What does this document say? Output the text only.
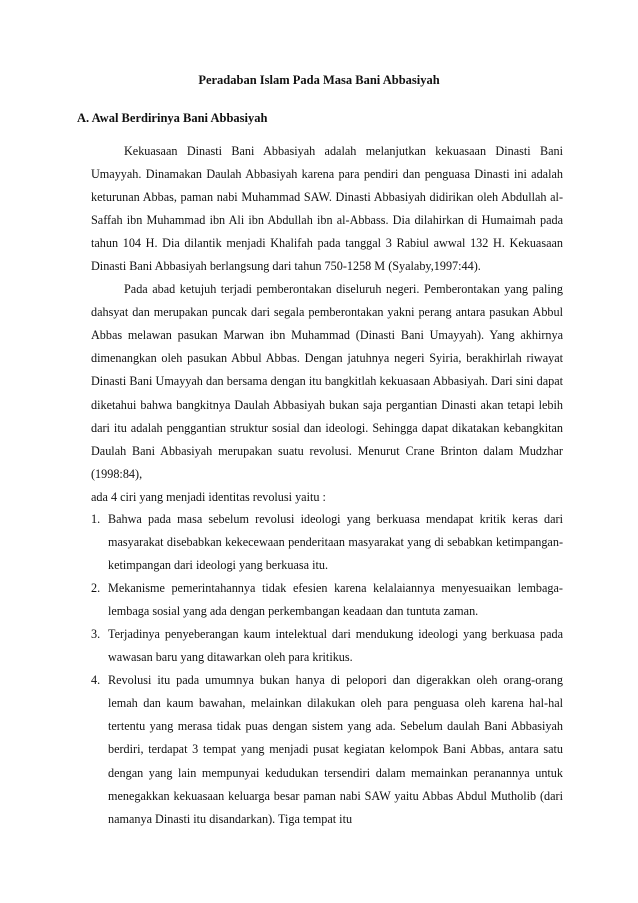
Peradaban Islam Pada Masa Bani Abbasiyah
A. Awal Berdirinya Bani Abbasiyah

Kekuasaan Dinasti Bani Abbasiyah adalah melanjutkan kekuasaan Dinasti Bani Umayyah. Dinamakan Daulah Abbasiyah karena para pendiri dan penguasa Dinasti ini adalah keturunan Abbas, paman nabi Muhammad SAW. Dinasti Abbasiyah didirikan oleh Abdullah al-Saffah ibn Muhammad ibn Ali ibn Abdullah ibn al-Abbass. Dia dilahirkan di Humaimah pada tahun 104 H. Dia dilantik menjadi Khalifah pada tanggal 3 Rabiul awwal 132 H. Kekuasaan Dinasti Bani Abbasiyah berlangsung dari tahun 750-1258 M (Syalaby,1997:44).

Pada abad ketujuh terjadi pemberontakan diseluruh negeri. Pemberontakan yang paling dahsyat dan merupakan puncak dari segala pemberontakan yakni perang antara pasukan Abbul Abbas melawan pasukan Marwan ibn Muhammad (Dinasti Bani Umayyah). Yang akhirnya dimenangkan oleh pasukan Abbul Abbas. Dengan jatuhnya negeri Syiria, berakhirlah riwayat Dinasti Bani Umayyah dan bersama dengan itu bangkitlah kekuasaan Abbasiyah. Dari sini dapat diketahui bahwa bangkitnya Daulah Abbasiyah bukan saja pergantian Dinasti akan tetapi lebih dari itu adalah penggantian struktur sosial dan ideologi. Sehingga dapat dikatakan kebangkitan Daulah Bani Abbasiyah merupakan suatu revolusi. Menurut Crane Brinton dalam Mudzhar (1998:84),

ada 4 ciri yang menjadi identitas revolusi yaitu :

1. Bahwa pada masa sebelum revolusi ideologi yang berkuasa mendapat kritik keras dari masyarakat disebabkan kekecewaan penderitaan masyarakat yang di sebabkan ketimpangan-ketimpangan dari ideologi yang berkuasa itu.
2. Mekanisme pemerintahannya tidak efesien karena kelalaiannya menyesuaikan lembaga-lembaga sosial yang ada dengan perkembangan keadaan dan tuntuta zaman.
3. Terjadinya penyeberangan kaum intelektual dari mendukung ideologi yang berkuasa pada wawasan baru yang ditawarkan oleh para kritikus.
4. Revolusi itu pada umumnya bukan hanya di pelopori dan digerakkan oleh orang-orang lemah dan kaum bawahan, melainkan dilakukan oleh para penguasa oleh karena hal-hal tertentu yang merasa tidak puas dengan sistem yang ada. Sebelum daulah Bani Abbasiyah berdiri, terdapat 3 tempat yang menjadi pusat kegiatan kelompok Bani Abbas, antara satu dengan yang lain mempunyai kedudukan tersendiri dalam memainkan peranannya untuk menegakkan kekuasaan keluarga besar paman nabi SAW yaitu Abbas Abdul Mutholib (dari namanya Dinasti itu disandarkan). Tiga tempat itu
